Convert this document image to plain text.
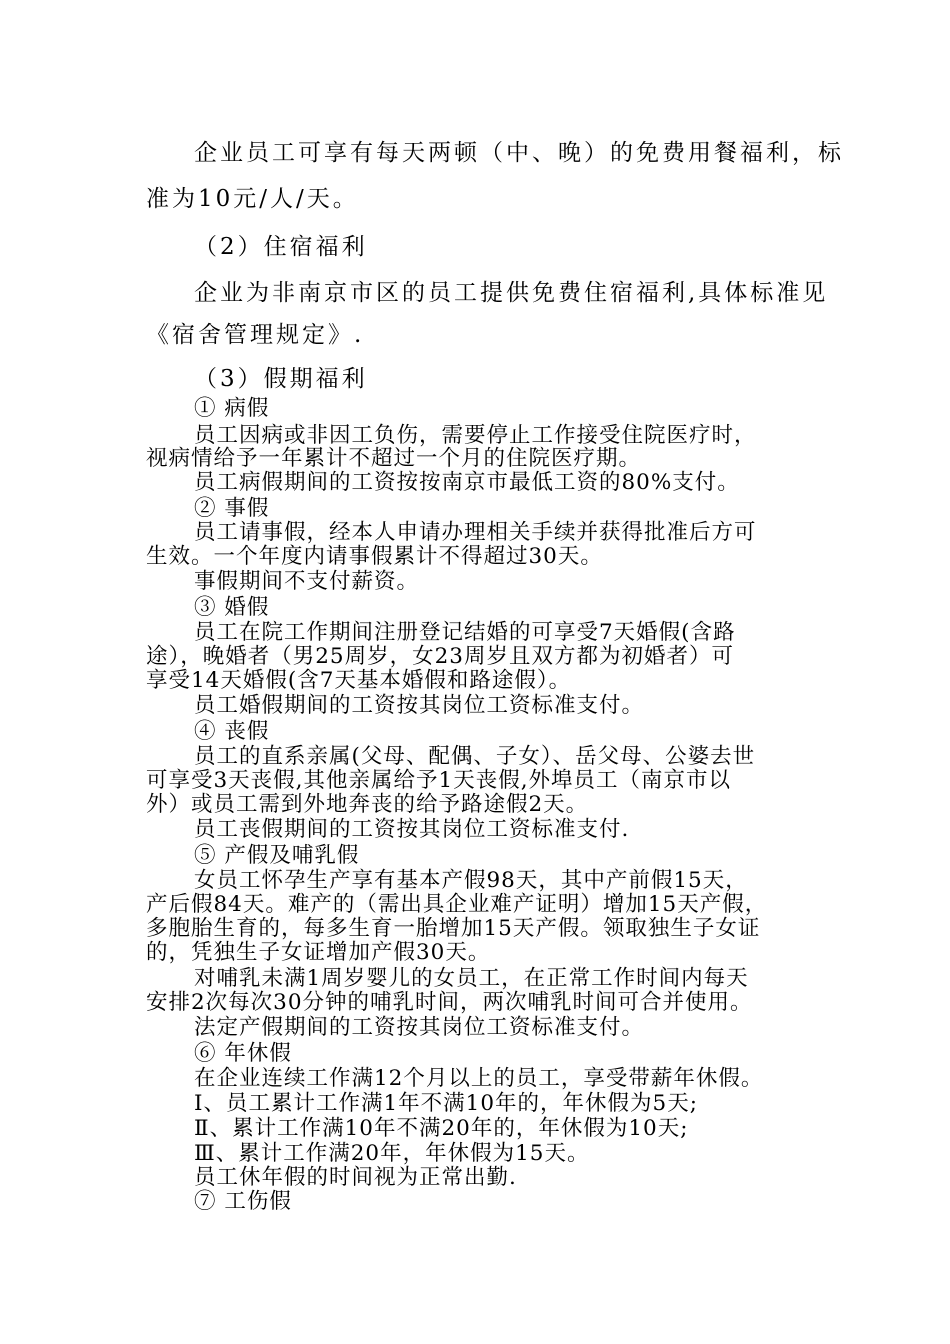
企业员工可享有每天两顿（中、晚）的免费用餐福利，标
准为10元/人/天。
（2）住宿福利
企业为非南京市区的员工提供免费住宿福利,具体标准见
《宿舍管理规定》.
（3）假期福利
① 病假
员工因病或非因工负伤，需要停止工作接受住院医疗时，
视病情给予一年累计不超过一个月的住院医疗期。
员工病假期间的工资按按南京市最低工资的80%支付。
② 事假
员工请事假，经本人申请办理相关手续并获得批准后方可
生效。一个年度内请事假累计不得超过30天。
事假期间不支付薪资。
③ 婚假
员工在院工作期间注册登记结婚的可享受7天婚假(含路
途），晚婚者（男25周岁，女23周岁且双方都为初婚者）可
享受14天婚假(含7天基本婚假和路途假）。
员工婚假期间的工资按其岗位工资标准支付。
④ 丧假
员工的直系亲属(父母、配偶、子女）、岳父母、公婆去世
可享受3天丧假,其他亲属给予1天丧假,外埠员工（南京市以
外）或员工需到外地奔丧的给予路途假2天。
员工丧假期间的工资按其岗位工资标准支付.
⑤ 产假及哺乳假
女员工怀孕生产享有基本产假98天，其中产前假15天，
产后假84天。难产的（需出具企业难产证明）增加15天产假，
多胞胎生育的，每多生育一胎增加15天产假。领取独生子女证
的，凭独生子女证增加产假30天。
对哺乳未满1周岁婴儿的女员工，在正常工作时间内每天
安排2次每次30分钟的哺乳时间，两次哺乳时间可合并使用。
法定产假期间的工资按其岗位工资标准支付。
⑥ 年休假
在企业连续工作满12个月以上的员工，享受带薪年休假。
Ⅰ、员工累计工作满1年不满10年的，年休假为5天;
Ⅱ、累计工作满10年不满20年的，年休假为10天;
Ⅲ、累计工作满20年，年休假为15天。
员工休年假的时间视为正常出勤.
⑦ 工伤假
